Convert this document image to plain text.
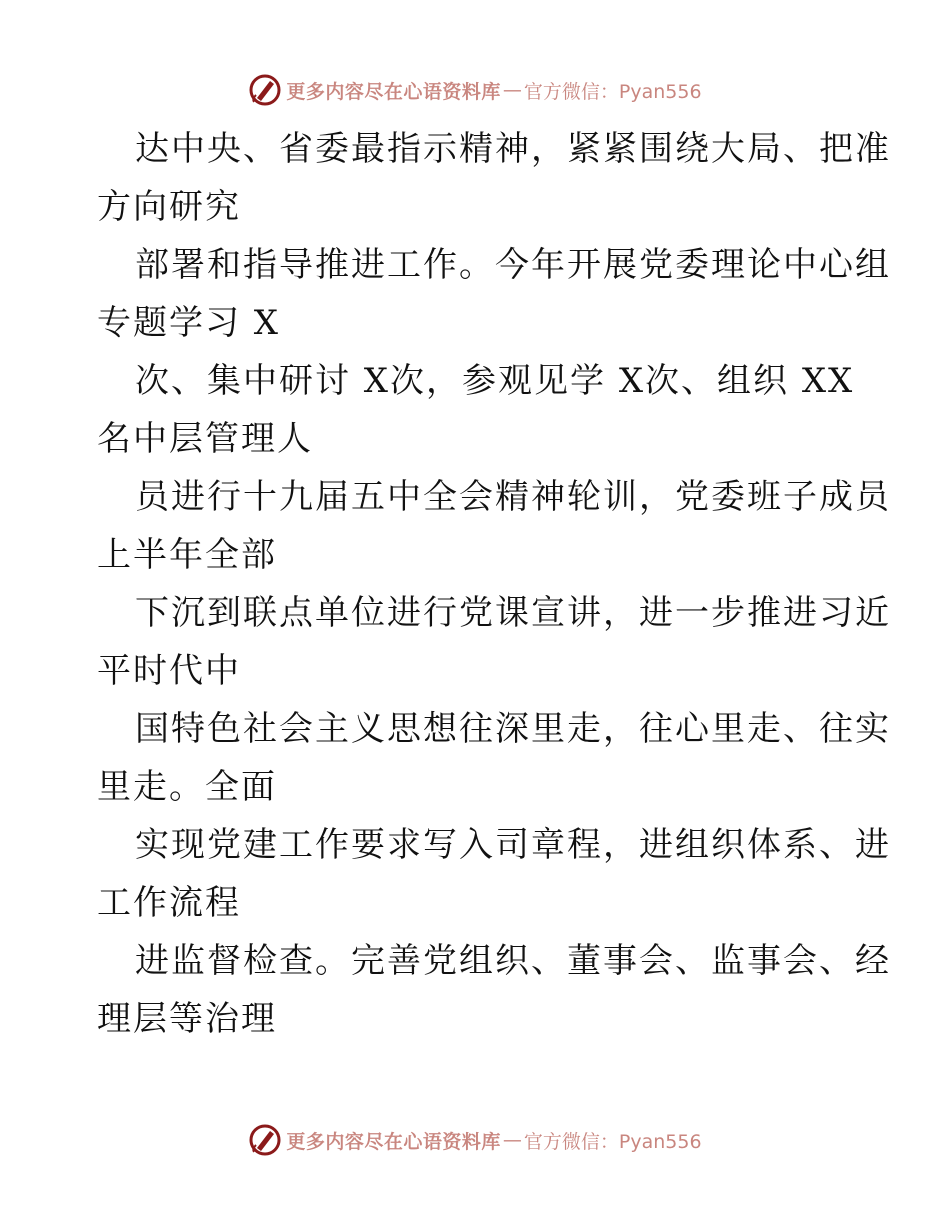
更多内容尽在心语资料库 — 官方微信：Pyan556

达中央、省委最指示精神，紧紧围绕大局、把准
方向研究

部署和指导推进工作。今年开展党委理论中心组
专题学习 X

次、集中研讨 X次，参观见学 X次、组织 XX
名中层管理人

员进行十九届五中全会精神轮训，党委班子成员
上半年全部

下沉到联点单位进行党课宣讲，进一步推进习近
平时代中

国特色社会主义思想往深里走，往心里走、往实
里走。全面

实现党建工作要求写入司章程，进组织体系、进
工作流程

进监督检查。完善党组织、董事会、监事会、经
理层等治理

更多内容尽在心语资料库 — 官方微信：Pyan556
